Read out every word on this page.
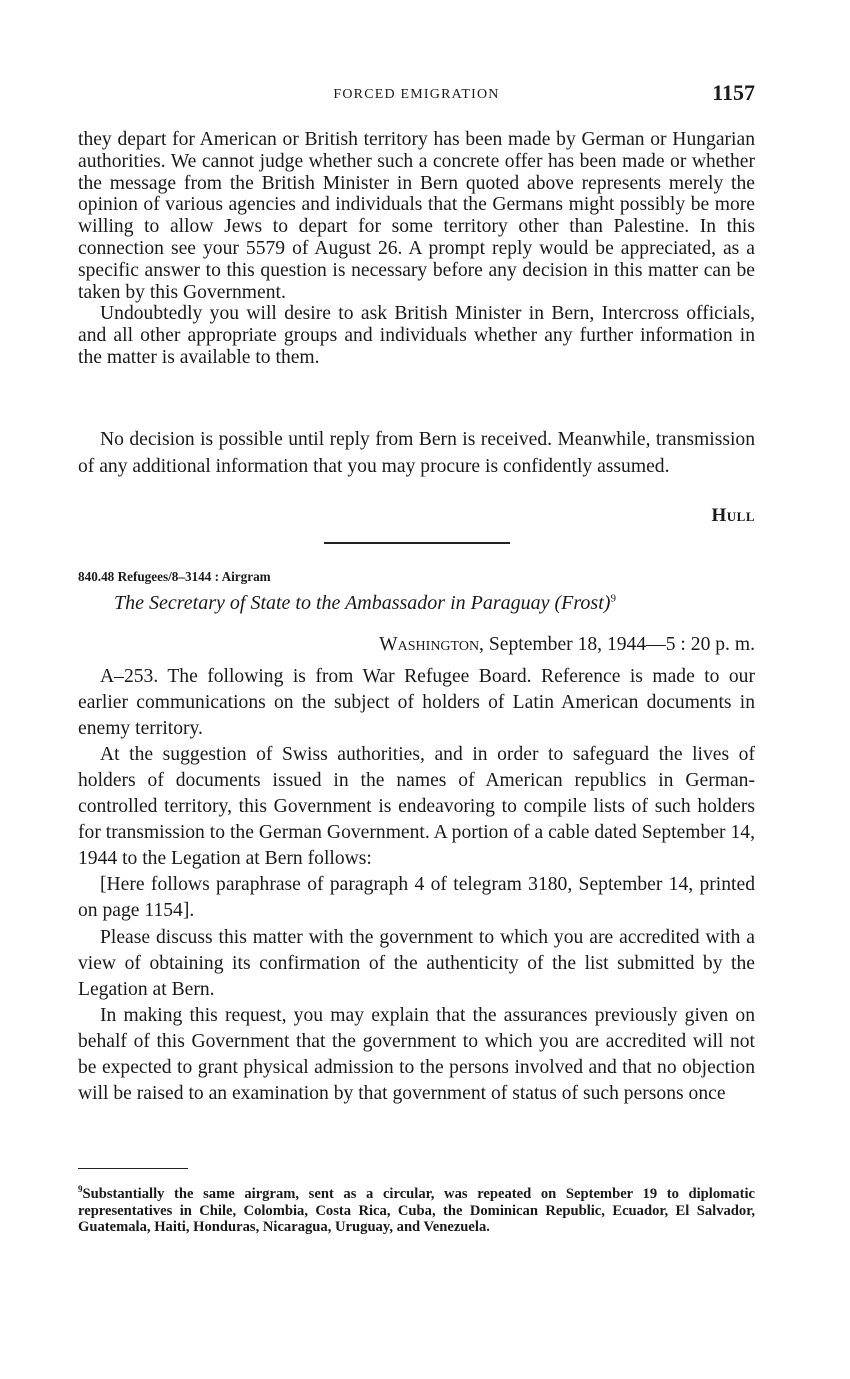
FORCED EMIGRATION	1157

they depart for American or British territory has been made by German or Hungarian authorities. We cannot judge whether such a concrete offer has been made or whether the message from the British Minister in Bern quoted above represents merely the opinion of various agencies and individuals that the Germans might possibly be more willing to allow Jews to depart for some territory other than Palestine. In this connection see your 5579 of August 26. A prompt reply would be appreciated, as a specific answer to this question is necessary before any decision in this matter can be taken by this Government.

Undoubtedly you will desire to ask British Minister in Bern, Intercross officials, and all other appropriate groups and individuals whether any further information in the matter is available to them.

No decision is possible until reply from Bern is received. Meanwhile, transmission of any additional information that you may procure is confidently assumed.

Hull
840.48 Refugees/8–3144 : Airgram
The Secretary of State to the Ambassador in Paraguay (Frost)$^9$
Washington, September 18, 1944—5 : 20 p. m.

A–253. The following is from War Refugee Board. Reference is made to our earlier communications on the subject of holders of Latin American documents in enemy territory.

At the suggestion of Swiss authorities, and in order to safeguard the lives of holders of documents issued in the names of American republics in German-controlled territory, this Government is endeavoring to compile lists of such holders for transmission to the German Government. A portion of a cable dated September 14, 1944 to the Legation at Bern follows:

[Here follows paraphrase of paragraph 4 of telegram 3180, September 14, printed on page 1154].

Please discuss this matter with the government to which you are accredited with a view of obtaining its confirmation of the authenticity of the list submitted by the Legation at Bern.

In making this request, you may explain that the assurances previously given on behalf of this Government that the government to which you are accredited will not be expected to grant physical admission to the persons involved and that no objection will be raised to an examination by that government of status of such persons once

$^9$Substantially the same airgram, sent as a circular, was repeated on September 19 to diplomatic representatives in Chile, Colombia, Costa Rica, Cuba, the Dominican Republic, Ecuador, El Salvador, Guatemala, Haiti, Honduras, Nicaragua, Uruguay, and Venezuela.
